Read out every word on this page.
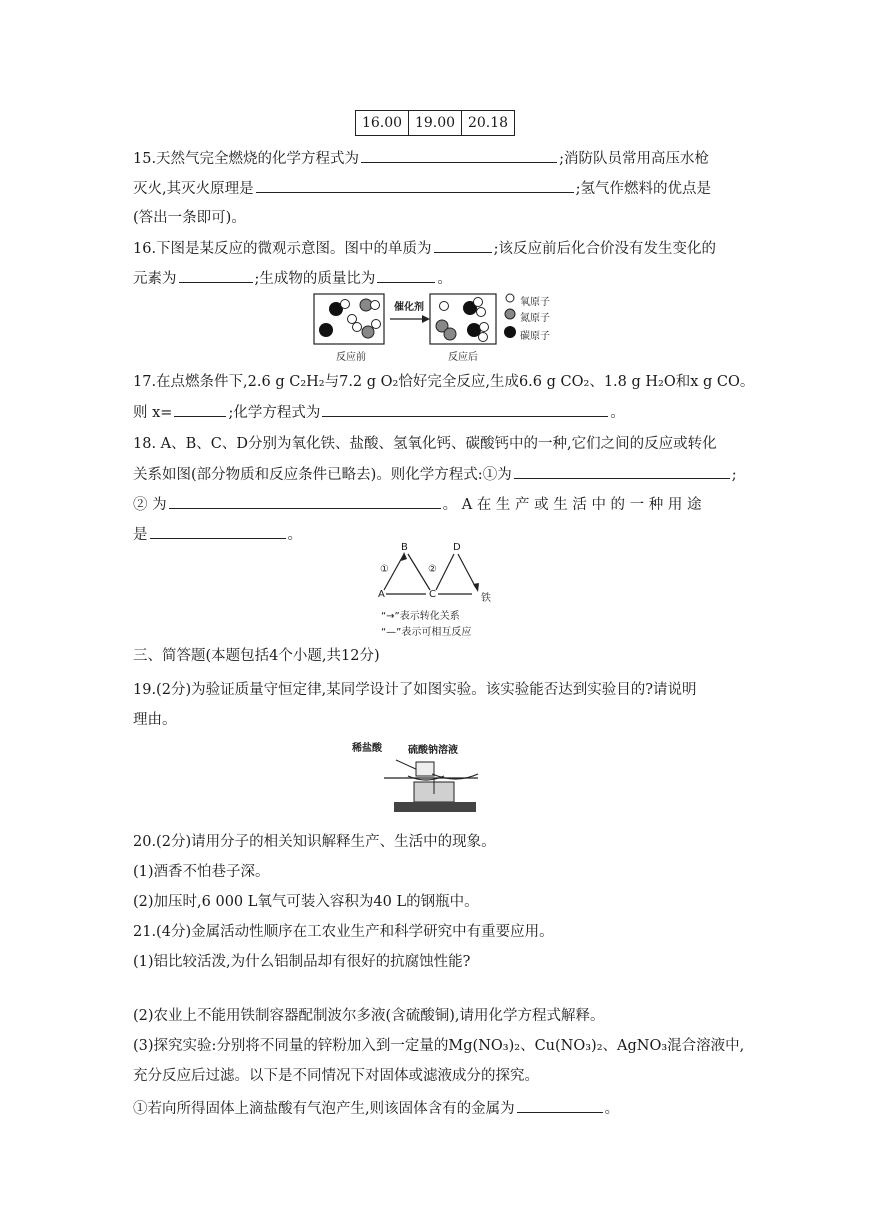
16.00	19.00	20.18
15.天然气完全燃烧的化学方程式为	;消防队员常用高压水枪
灭火,其灭火原理是	;氢气作燃料的优点是
(答出一条即可)。
16.下图是某反应的微观示意图。图中的单质为	;该反应前后化合价没有发生变化的
元素为	;生成物的质量比为	。
催化剂
反应前	反应后
氧原子
氮原子
碳原子
17.在点燃条件下,2.6 g C₂H₂与7.2 g O₂恰好完全反应,生成6.6 g CO₂、1.8 g H₂O和x g CO。
则 x=	;化学方程式为	。
18. A、B、C、D分别为氧化铁、盐酸、氢氧化钙、碳酸钙中的一种,它们之间的反应或转化
关系如图(部分物质和反应条件已略去)。则化学方程式:①为	;
② 为	。 A 在 生 产 或 生 活 中 的 一 种 用 途
是	。
B	D
A	C	铁
①	②
“→”表示转化关系
“—”表示可相互反应
三、简答题(本题包括4个小题,共12分)
19.(2分)为验证质量守恒定律,某同学设计了如图实验。该实验能否达到实验目的?请说明
理由。
稀盐酸	硫酸钠溶液
20.(2分)请用分子的相关知识解释生产、生活中的现象。
(1)酒香不怕巷子深。
(2)加压时,6 000 L氧气可装入容积为40 L的钢瓶中。
21.(4分)金属活动性顺序在工农业生产和科学研究中有重要应用。
(1)铝比较活泼,为什么铝制品却有很好的抗腐蚀性能?
(2)农业上不能用铁制容器配制波尔多液(含硫酸铜),请用化学方程式解释。
(3)探究实验:分别将不同量的锌粉加入到一定量的Mg(NO₃)₂、Cu(NO₃)₂、AgNO₃混合溶液中,
充分反应后过滤。以下是不同情况下对固体或滤液成分的探究。
①若向所得固体上滴盐酸有气泡产生,则该固体含有的金属为	。
